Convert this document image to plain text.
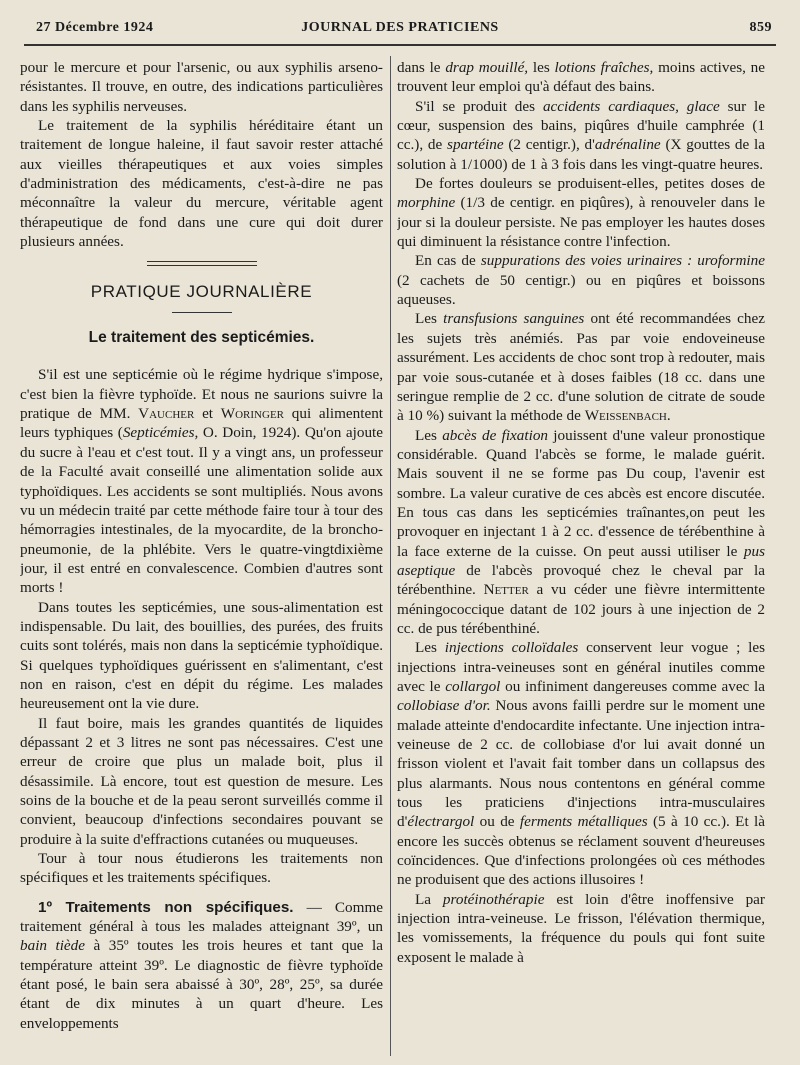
27 Décembre 1924	JOURNAL DES PRATICIENS	859

pour le mercure et pour l'arsenic, ou aux syphilis arseno-résistantes. Il trouve, en outre, des indications particulières dans les syphilis nerveuses.

Le traitement de la syphilis héréditaire étant un traitement de longue haleine, il faut savoir rester attaché aux vieilles thérapeutiques et aux voies simples d'administration des médicaments, c'est-à-dire ne pas méconnaître la valeur du mercure, véritable agent thérapeutique de fond dans une cure qui doit durer plusieurs années.

PRATIQUE JOURNALIÈRE
Le traitement des septicémies.

S'il est une septicémie où le régime hydrique s'impose, c'est bien la fièvre typhoïde. Et nous ne saurions suivre la pratique de MM. Vaucher et Woringer qui alimentent leurs typhiques (Septicémies, O. Doin, 1924). Qu'on ajoute du sucre à l'eau et c'est tout. Il y a vingt ans, un professeur de la Faculté avait conseillé une alimentation solide aux typhoïdiques. Les accidents se sont multipliés. Nous avons vu un médecin traité par cette méthode faire tour à tour des hémorragies intestinales, de la myocardite, de la broncho-pneumonie, de la phlébite. Vers le quatre-vingtdixième jour, il est entré en convalescence. Combien d'autres sont morts !

Dans toutes les septicémies, une sous-alimentation est indispensable. Du lait, des bouillies, des purées, des fruits cuits sont tolérés, mais non dans la septicémie typhoïdique. Si quelques typhoïdiques guérissent en s'alimentant, c'est non en raison, c'est en dépit du régime. Les malades heureusement ont la vie dure.

Il faut boire, mais les grandes quantités de liquides dépassant 2 et 3 litres ne sont pas nécessaires. C'est une erreur de croire que plus un malade boit, plus il désassimile. Là encore, tout est question de mesure. Les soins de la bouche et de la peau seront surveillés comme il convient, beaucoup d'infections secondaires pouvant se produire à la suite d'effractions cutanées ou muqueuses.

Tour à tour nous étudierons les traitements non spécifiques et les traitements spécifiques.

1º Traitements non spécifiques. — Comme traitement général à tous les malades atteignant 39º, un bain tiède à 35º toutes les trois heures et tant que la température atteint 39º. Le diagnostic de fièvre typhoïde étant posé, le bain sera abaissé à 30º, 28º, 25º, sa durée étant de dix minutes à un quart d'heure. Les enveloppements

dans le drap mouillé, les lotions fraîches, moins actives, ne trouvent leur emploi qu'à défaut des bains.

S'il se produit des accidents cardiaques, glace sur le cœur, suspension des bains, piqûres d'huile camphrée (1 cc.), de spartéine (2 centigr.), d'adrénaline (X gouttes de la solution à 1/1000) de 1 à 3 fois dans les vingt-quatre heures.

De fortes douleurs se produisent-elles, petites doses de morphine (1/3 de centigr. en piqûres), à renouveler dans le jour si la douleur persiste. Ne pas employer les hautes doses qui diminuent la résistance contre l'infection.

En cas de suppurations des voies urinaires : uroformine (2 cachets de 50 centigr.) ou en piqûres et boissons aqueuses.

Les transfusions sanguines ont été recommandées chez les sujets très anémiés. Pas par voie endoveineuse assurément. Les accidents de choc sont trop à redouter, mais par voie sous-cutanée et à doses faibles (18 cc. dans une seringue remplie de 2 cc. d'une solution de citrate de soude à 10 %) suivant la méthode de Weissenbach.

Les abcès de fixation jouissent d'une valeur pronostique considérable. Quand l'abcès se forme, le malade guérit. Mais souvent il ne se forme pas Du coup, l'avenir est sombre. La valeur curative de ces abcès est encore discutée. En tous cas dans les septicémies traînantes,on peut les provoquer en injectant 1 à 2 cc. d'essence de térébenthine à la face externe de la cuisse. On peut aussi utiliser le pus aseptique de l'abcès provoqué chez le cheval par la térébenthine. Netter a vu céder une fièvre intermittente méningococcique datant de 102 jours à une injection de 2 cc. de pus térébenthiné.

Les injections colloïdales conservent leur vogue ; les injections intra-veineuses sont en général inutiles comme avec le collargol ou infiniment dangereuses comme avec la collobiase d'or. Nous avons failli perdre sur le moment une malade atteinte d'endocardite infectante. Une injection intra-veineuse de 2 cc. de collobiase d'or lui avait donné un frisson violent et l'avait fait tomber dans un collapsus des plus alarmants. Nous nous contentons en général comme tous les praticiens d'injections intra-musculaires d'électrargol ou de ferments métalliques (5 à 10 cc.). Et là encore les succès obtenus se réclament souvent d'heureuses coïncidences. Que d'infections prolongées où ces méthodes ne produisent que des actions illusoires !

La protéinothérapie est loin d'être inoffensive par injection intra-veineuse. Le frisson, l'élévation thermique, les vomissements, la fréquence du pouls qui font suite exposent le malade à
